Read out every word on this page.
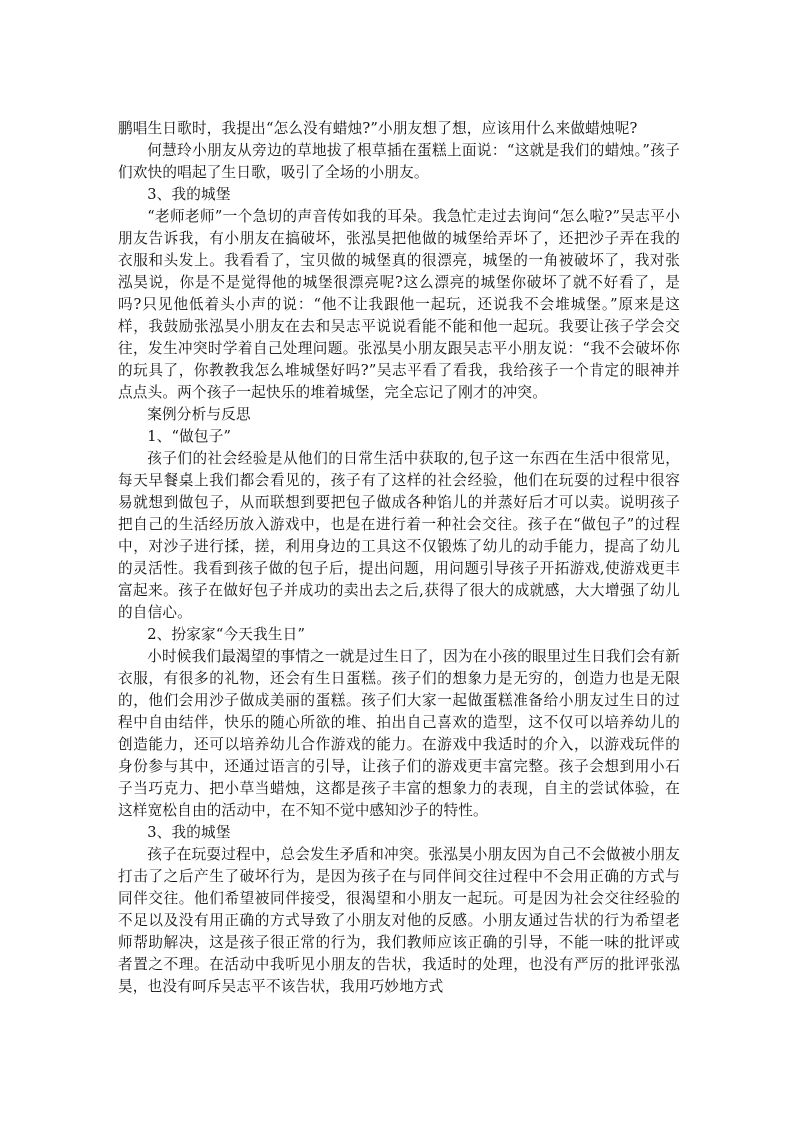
鹏唱生日歌时，我提出“怎么没有蜡烛?”小朋友想了想，应该用什么来做蜡烛呢?

何慧玲小朋友从旁边的草地拔了根草插在蛋糕上面说：“这就是我们的蜡烛。”孩子们欢快的唱起了生日歌，吸引了全场的小朋友。

3、我的城堡

“老师老师”一个急切的声音传如我的耳朵。我急忙走过去询问“怎么啦?”吴志平小朋友告诉我，有小朋友在搞破坏，张泓昊把他做的城堡给弄坏了，还把沙子弄在我的衣服和头发上。我看看了，宝贝做的城堡真的很漂亮，城堡的一角被破坏了，我对张泓昊说，你是不是觉得他的城堡很漂亮呢?这么漂亮的城堡你破坏了就不好看了，是吗?只见他低着头小声的说：“他不让我跟他一起玩，还说我不会堆城堡。”原来是这样，我鼓励张泓昊小朋友在去和吴志平说说看能不能和他一起玩。我要让孩子学会交往，发生冲突时学着自己处理问题。张泓昊小朋友跟吴志平小朋友说：“我不会破坏你的玩具了，你教教我怎么堆城堡好吗?”吴志平看了看我，我给孩子一个肯定的眼神并点点头。两个孩子一起快乐的堆着城堡，完全忘记了刚才的冲突。

案例分析与反思

1、“做包子”

孩子们的社会经验是从他们的日常生活中获取的,包子这一东西在生活中很常见，每天早餐桌上我们都会看见的，孩子有了这样的社会经验，他们在玩耍的过程中很容易就想到做包子，从而联想到要把包子做成各种馅儿的并蒸好后才可以卖。说明孩子把自己的生活经历放入游戏中，也是在进行着一种社会交往。孩子在“做包子”的过程中，对沙子进行揉，搓，利用身边的工具这不仅锻炼了幼儿的动手能力，提高了幼儿的灵活性。我看到孩子做的包子后，提出问题，用问题引导孩子开拓游戏,使游戏更丰富起来。孩子在做好包子并成功的卖出去之后,获得了很大的成就感，大大增强了幼儿的自信心。

2、扮家家“今天我生日”

小时候我们最渴望的事情之一就是过生日了，因为在小孩的眼里过生日我们会有新衣服，有很多的礼物，还会有生日蛋糕。孩子们的想象力是无穷的，创造力也是无限的，他们会用沙子做成美丽的蛋糕。孩子们大家一起做蛋糕准备给小朋友过生日的过程中自由结伴，快乐的随心所欲的堆、拍出自己喜欢的造型，这不仅可以培养幼儿的创造能力，还可以培养幼儿合作游戏的能力。在游戏中我适时的介入，以游戏玩伴的身份参与其中，还通过语言的引导，让孩子们的游戏更丰富完整。孩子会想到用小石子当巧克力、把小草当蜡烛，这都是孩子丰富的想象力的表现，自主的尝试体验，在这样宽松自由的活动中，在不知不觉中感知沙子的特性。

3、我的城堡

孩子在玩耍过程中，总会发生矛盾和冲突。张泓昊小朋友因为自己不会做被小朋友打击了之后产生了破坏行为，是因为孩子在与同伴间交往过程中不会用正确的方式与同伴交往。他们希望被同伴接受，很渴望和小朋友一起玩。可是因为社会交往经验的不足以及没有用正确的方式导致了小朋友对他的反感。小朋友通过告状的行为希望老师帮助解决，这是孩子很正常的行为，我们教师应该正确的引导，不能一味的批评或者置之不理。在活动中我听见小朋友的告状，我适时的处理，也没有严厉的批评张泓昊，也没有呵斥吴志平不该告状，我用巧妙地方式
